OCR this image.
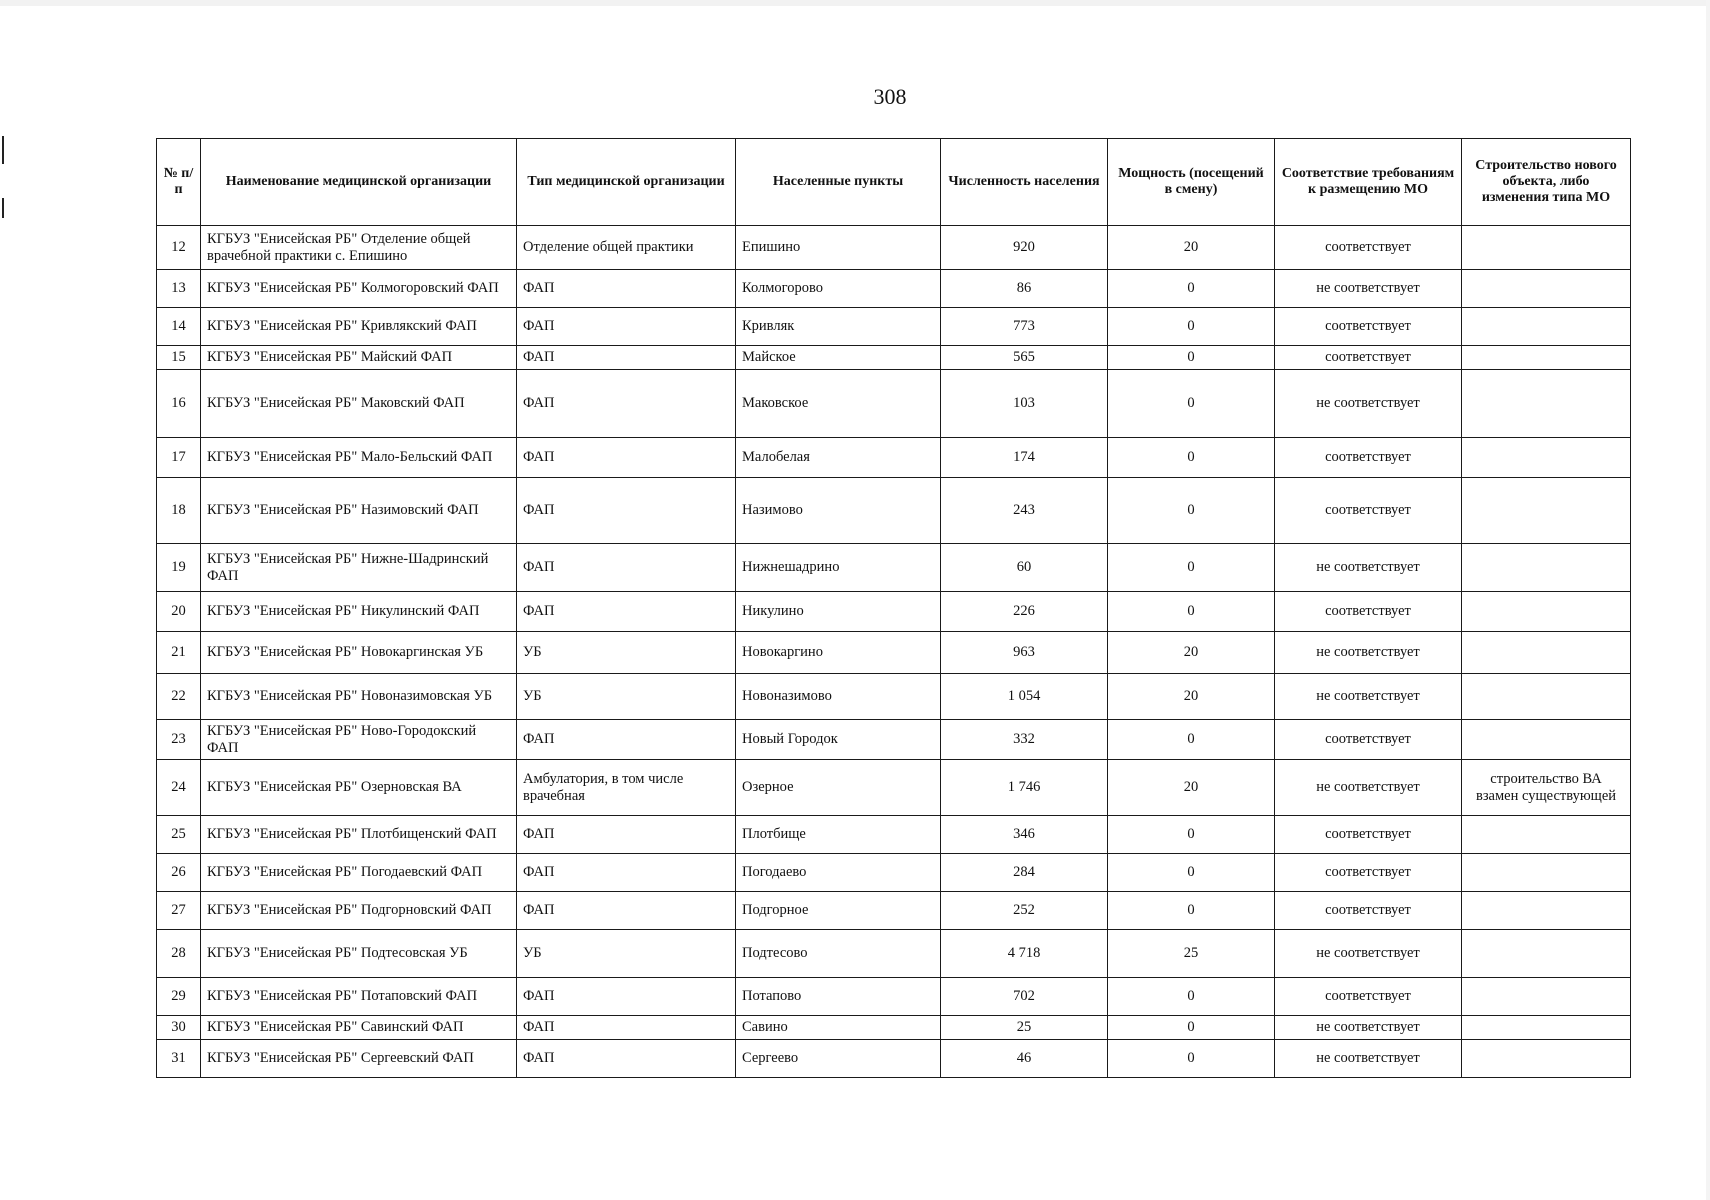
308
№ п/п	Наименование медицинской организации	Тип медицинской организации	Населенные пункты	Численность населения	Мощность (посещений в смену)	Соответствие требованиям к размещению МО	Строительство нового объекта, либо изменения типа МО
12	КГБУЗ "Енисейская РБ" Отделение общей врачебной практики с. Епишино	Отделение общей практики	Епишино	920	20	соответствует	
13	КГБУЗ "Енисейская РБ" Колмогоровский ФАП	ФАП	Колмогорово	86	0	не соответствует	
14	КГБУЗ "Енисейская РБ" Кривлякский ФАП	ФАП	Кривляк	773	0	соответствует	
15	КГБУЗ "Енисейская РБ" Майский ФАП	ФАП	Майское	565	0	соответствует	
16	КГБУЗ "Енисейская РБ" Маковский ФАП	ФАП	Маковское	103	0	не соответствует	
17	КГБУЗ "Енисейская РБ" Мало-Бельский ФАП	ФАП	Малобелая	174	0	соответствует	
18	КГБУЗ "Енисейская РБ" Назимовский ФАП	ФАП	Назимово	243	0	соответствует	
19	КГБУЗ "Енисейская РБ" Нижне-Шадринский ФАП	ФАП	Нижнешадрино	60	0	не соответствует	
20	КГБУЗ "Енисейская РБ" Никулинский ФАП	ФАП	Никулино	226	0	соответствует	
21	КГБУЗ "Енисейская РБ" Новокаргинская УБ	УБ	Новокаргино	963	20	не соответствует	
22	КГБУЗ "Енисейская РБ" Новоназимовская УБ	УБ	Новоназимово	1 054	20	не соответствует	
23	КГБУЗ "Енисейская РБ" Ново-Городокский ФАП	ФАП	Новый Городок	332	0	соответствует	
24	КГБУЗ "Енисейская РБ" Озерновская ВА	Амбулатория, в том числе врачебная	Озерное	1 746	20	не соответствует	строительство ВА взамен существующей
25	КГБУЗ "Енисейская РБ" Плотбищенский ФАП	ФАП	Плотбище	346	0	соответствует	
26	КГБУЗ "Енисейская РБ" Погодаевский ФАП	ФАП	Погодаево	284	0	соответствует	
27	КГБУЗ "Енисейская РБ" Подгорновский ФАП	ФАП	Подгорное	252	0	соответствует	
28	КГБУЗ "Енисейская РБ" Подтесовская УБ	УБ	Подтесово	4 718	25	не соответствует	
29	КГБУЗ "Енисейская РБ" Потаповский ФАП	ФАП	Потапово	702	0	соответствует	
30	КГБУЗ "Енисейская РБ" Савинский ФАП	ФАП	Савино	25	0	не соответствует	
31	КГБУЗ "Енисейская РБ" Сергеевский ФАП	ФАП	Сергеево	46	0	не соответствует	
